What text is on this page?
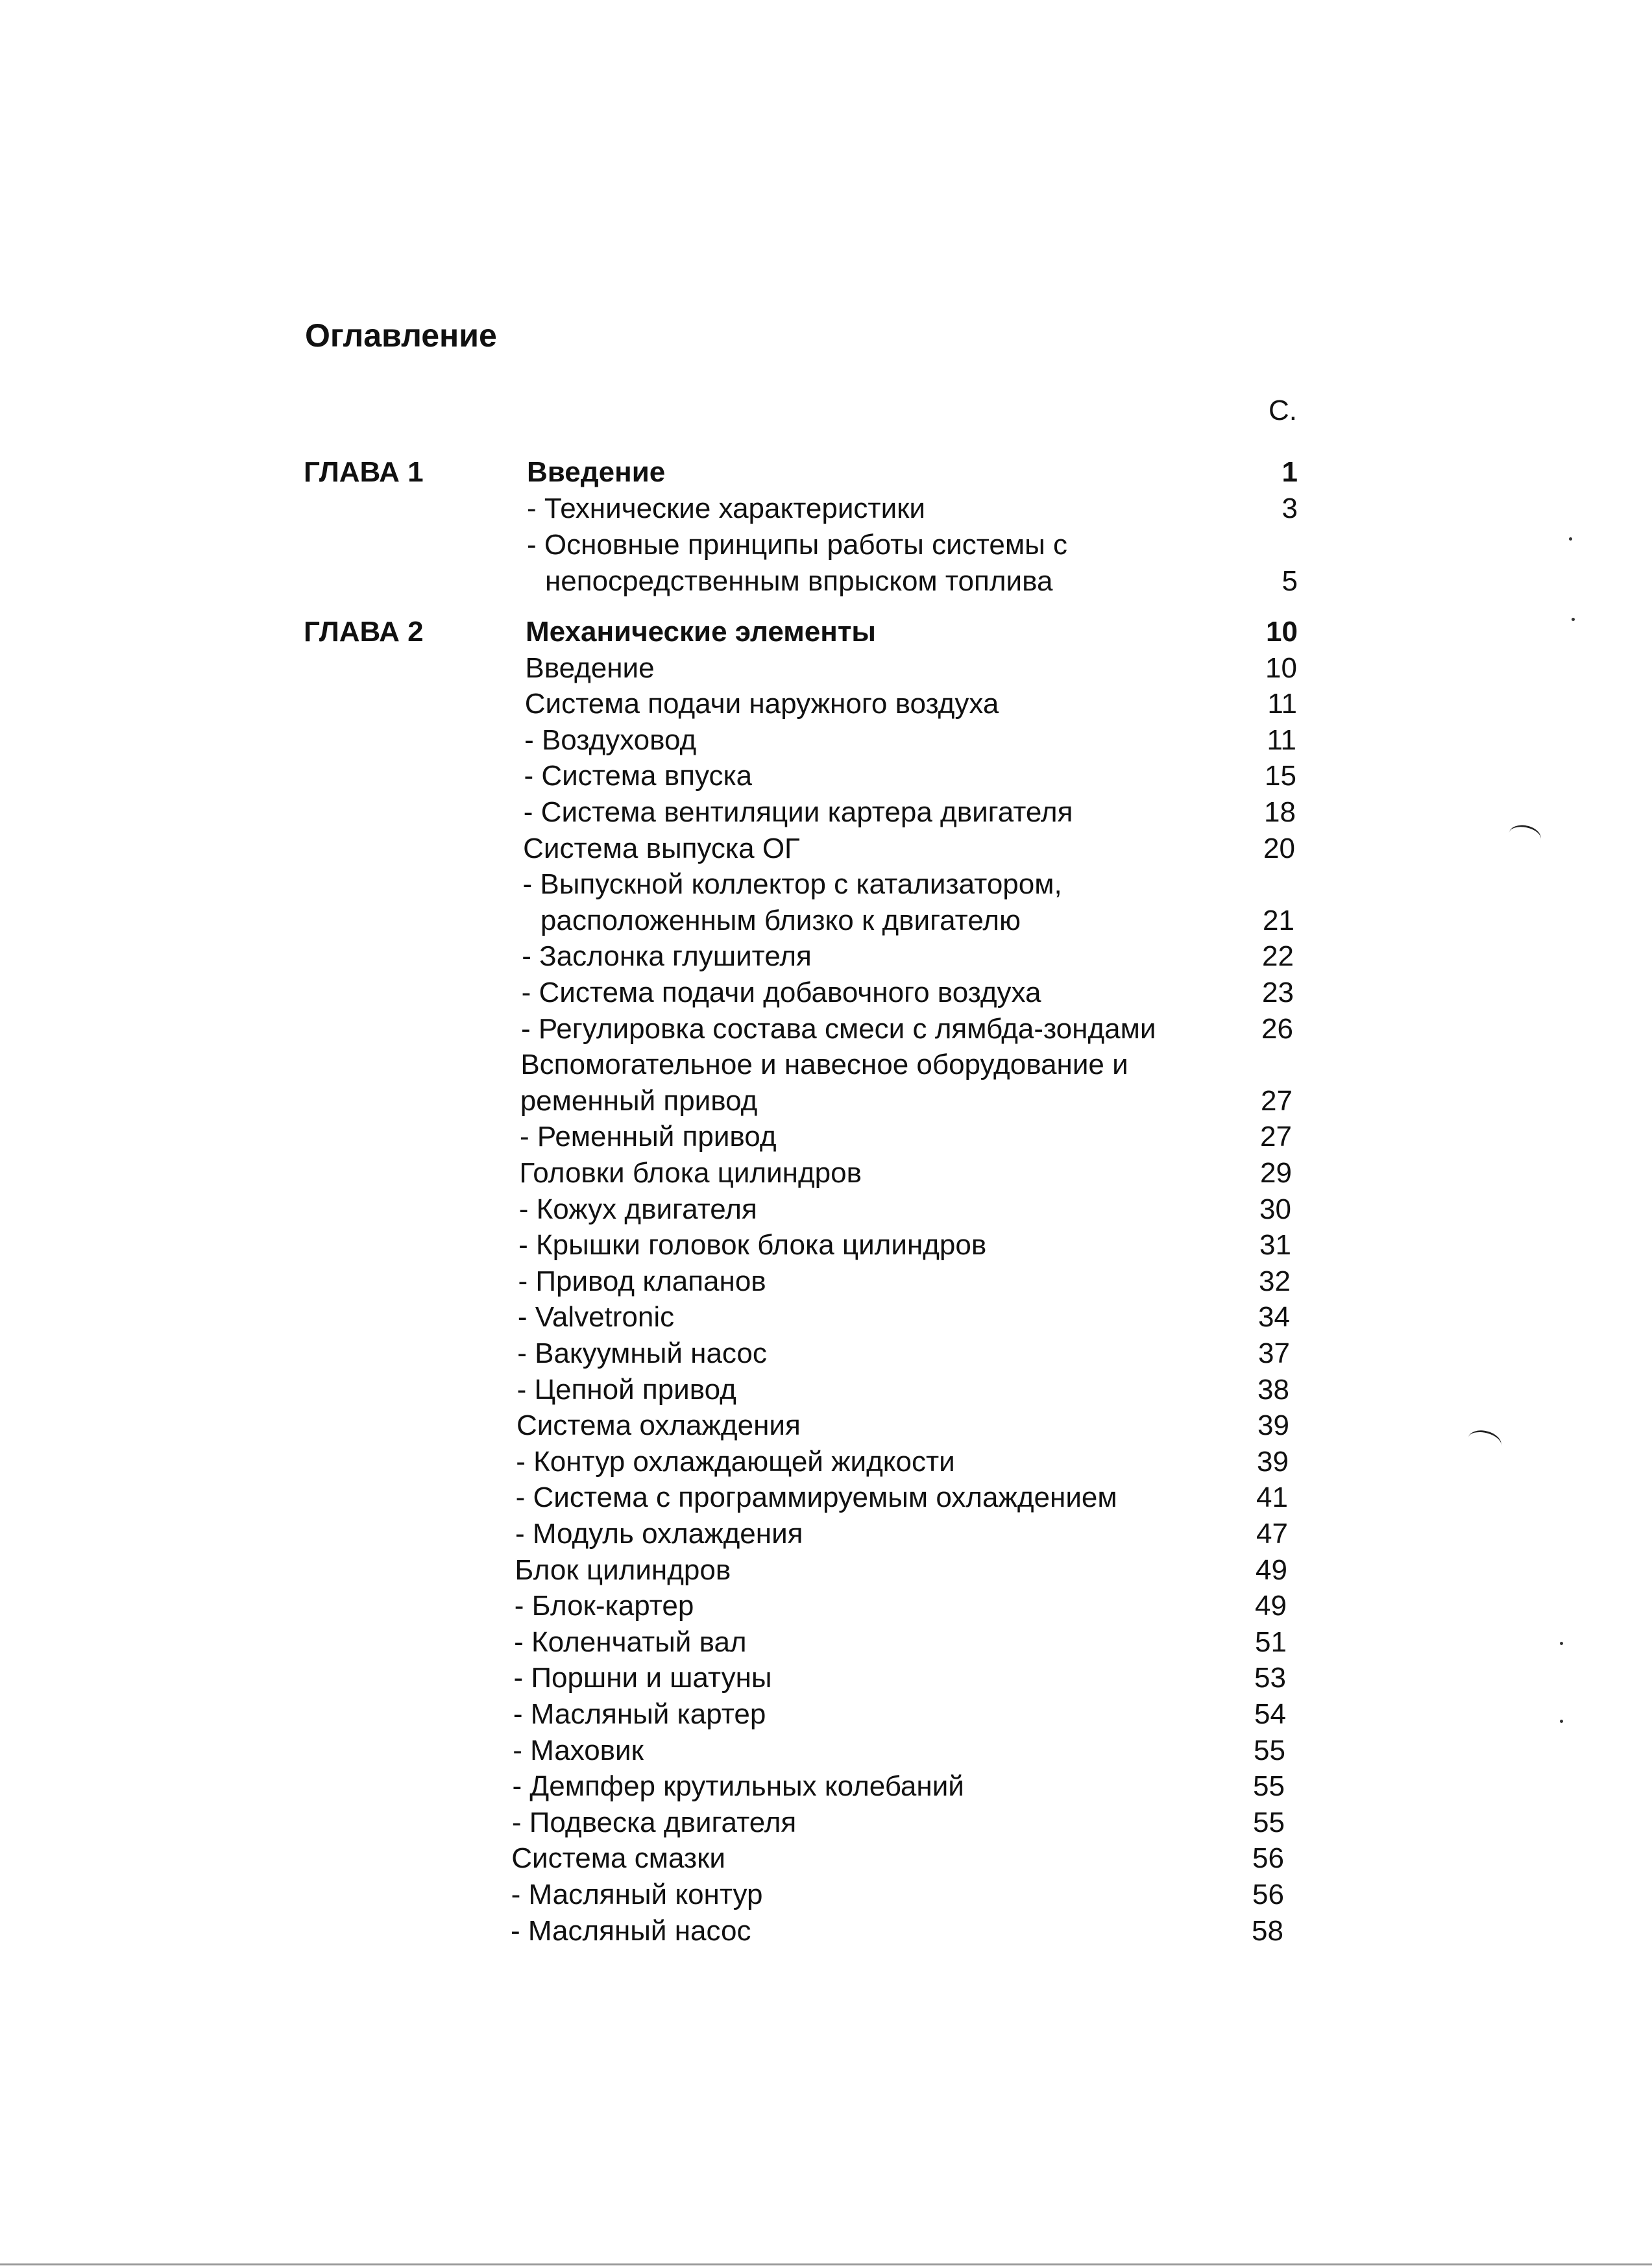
Оглавление
С.
ГЛАВА 1	Введение	1
- Технические характеристики	3
- Основные принципы работы системы с
непосредственным впрыском топлива	5
ГЛАВА 2	Механические элементы	10
Введение	10
Система подачи наружного воздуха	11
- Воздуховод	11
- Система впуска	15
- Система вентиляции картера двигателя	18
Система выпуска ОГ	20
- Выпускной коллектор с катализатором,
расположенным близко к двигателю	21
- Заслонка глушителя	22
- Система подачи добавочного воздуха	23
- Регулировка состава смеси с лямбда-зондами	26
Вспомогательное и навесное оборудование и
ременный привод	27
- Ременный привод	27
Головки блока цилиндров	29
- Кожух двигателя	30
- Крышки головок блока цилиндров	31
- Привод клапанов	32
- Valvetronic	34
- Вакуумный насос	37
- Цепной привод	38
Система охлаждения	39
- Контур охлаждающей жидкости	39
- Система с программируемым охлаждением	41
- Модуль охлаждения	47
Блок цилиндров	49
- Блок-картер	49
- Коленчатый вал	51
- Поршни и шатуны	53
- Масляный картер	54
- Маховик	55
- Демпфер крутильных колебаний	55
- Подвеска двигателя	55
Система смазки	56
- Масляный контур	56
- Масляный насос	58
